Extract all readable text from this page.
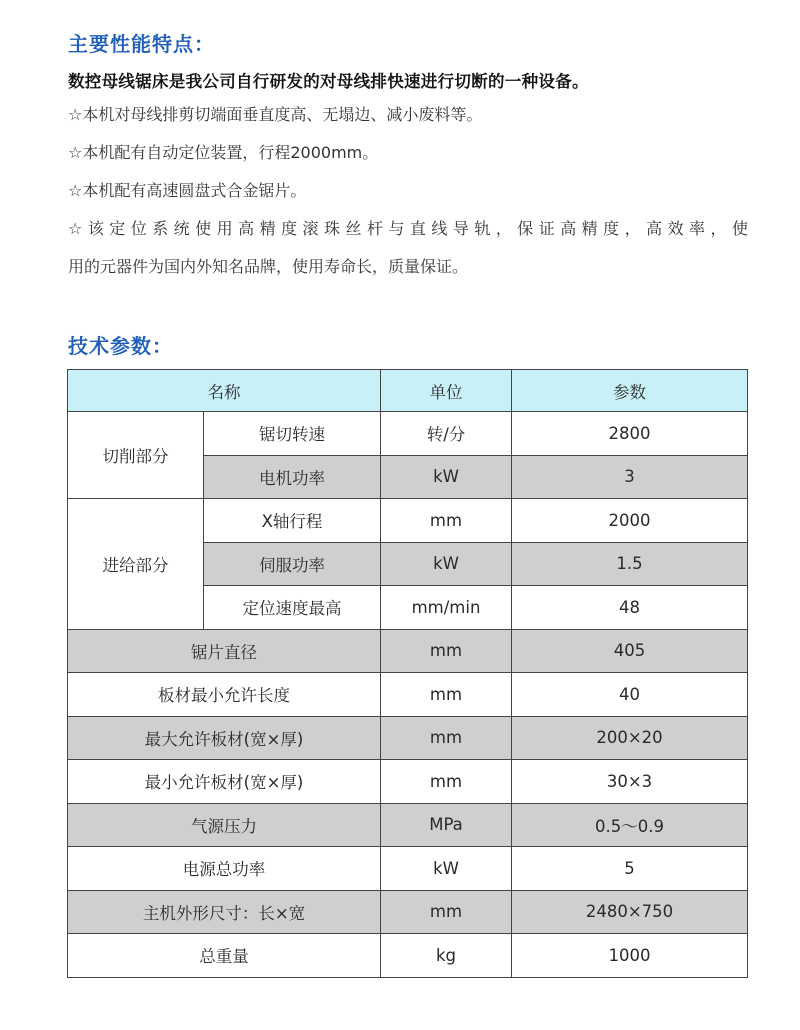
主要性能特点：

数控母线锯床是我公司自行研发的对母线排快速进行切断的一种设备。

☆本机对母线排剪切端面垂直度高、无塌边、减小废料等。
☆本机配有自动定位装置，行程2000mm。
☆本机配有高速圆盘式合金锯片。
☆该定位系统使用高精度滚珠丝杆与直线导轨，保证高精度，高效率，使
用的元器件为国内外知名品牌，使用寿命长，质量保证。
技术参数：
名称		单位	参数
切削部分	锯切转速	转/分	2800
	电机功率	kW	3
进给部分	X轴行程	mm	2000
	伺服功率	kW	1.5
	定位速度最高	mm/min	48
锯片直径		mm	405
板材最小允许长度		mm	40
最大允许板材(宽×厚)		mm	200×20
最小允许板材(宽×厚)		mm	30×3
气源压力		MPa	0.5～0.9
电源总功率		kW	5
主机外形尺寸：长×宽		mm	2480×750
总重量		kg	1000
